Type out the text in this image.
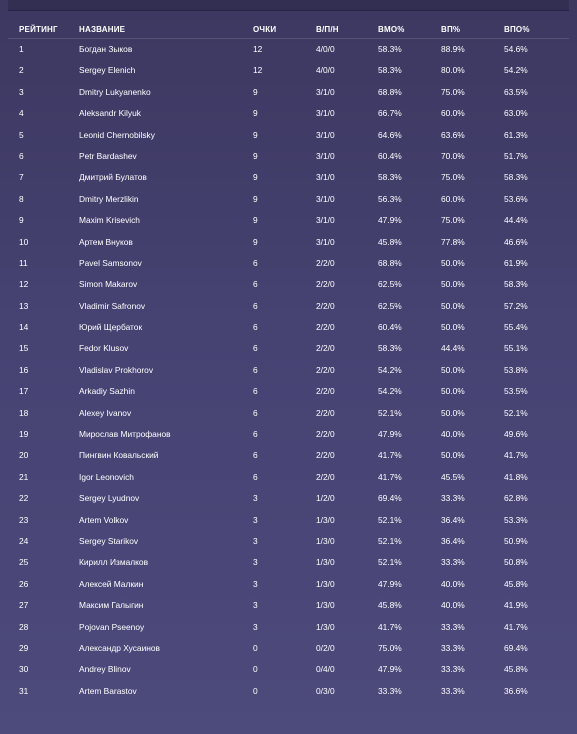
РЕЙТИНГ	НАЗВАНИЕ	ОЧКИ	В/П/Н	ВМО%	ВП%	ВПО%
1	Богдан Зыков	12	4/0/0	58.3%	88.9%	54.6%
2	Sergey Elenich	12	4/0/0	58.3%	80.0%	54.2%
3	Dmitry Lukyanenko	9	3/1/0	68.8%	75.0%	63.5%
4	Aleksandr Kilyuk	9	3/1/0	66.7%	60.0%	63.0%
5	Leonid Chernobilsky	9	3/1/0	64.6%	63.6%	61.3%
6	Petr Bardashev	9	3/1/0	60.4%	70.0%	51.7%
7	Дмитрий Булатов	9	3/1/0	58.3%	75.0%	58.3%
8	Dmitry Merzlikin	9	3/1/0	56.3%	60.0%	53.6%
9	Maxim Krisevich	9	3/1/0	47.9%	75.0%	44.4%
10	Артем Внуков	9	3/1/0	45.8%	77.8%	46.6%
11	Pavel Samsonov	6	2/2/0	68.8%	50.0%	61.9%
12	Simon Makarov	6	2/2/0	62.5%	50.0%	58.3%
13	Vladimir Safronov	6	2/2/0	62.5%	50.0%	57.2%
14	Юрий Щербаток	6	2/2/0	60.4%	50.0%	55.4%
15	Fedor Klusov	6	2/2/0	58.3%	44.4%	55.1%
16	Vladislav Prokhorov	6	2/2/0	54.2%	50.0%	53.8%
17	Arkadiy Sazhin	6	2/2/0	54.2%	50.0%	53.5%
18	Alexey Ivanov	6	2/2/0	52.1%	50.0%	52.1%
19	Мирослав Митрофанов	6	2/2/0	47.9%	40.0%	49.6%
20	Пингвин Ковальский	6	2/2/0	41.7%	50.0%	41.7%
21	Igor Leonovich	6	2/2/0	41.7%	45.5%	41.8%
22	Sergey Lyudnov	3	1/2/0	69.4%	33.3%	62.8%
23	Artem Volkov	3	1/3/0	52.1%	36.4%	53.3%
24	Sergey Starikov	3	1/3/0	52.1%	36.4%	50.9%
25	Кирилл Измалков	3	1/3/0	52.1%	33.3%	50.8%
26	Алексей Малкин	3	1/3/0	47.9%	40.0%	45.8%
27	Максим Галыгин	3	1/3/0	45.8%	40.0%	41.9%
28	Pojovan Pseenoy	3	1/3/0	41.7%	33.3%	41.7%
29	Александр Хусаинов	0	0/2/0	75.0%	33.3%	69.4%
30	Andrey Blinov	0	0/4/0	47.9%	33.3%	45.8%
31	Artem Barastov	0	0/3/0	33.3%	33.3%	36.6%
